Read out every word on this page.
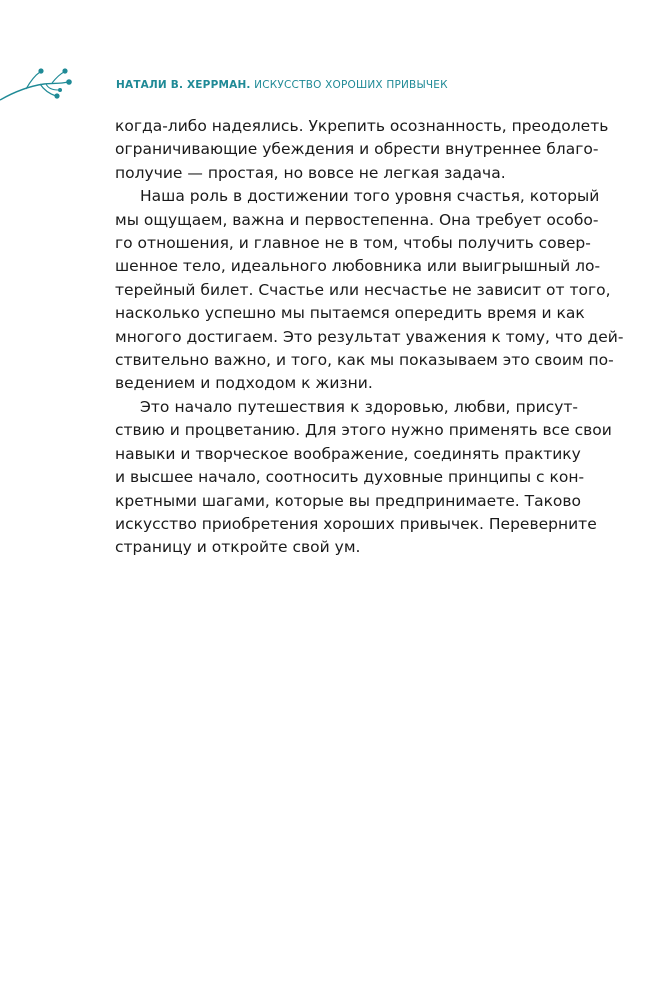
НАТАЛИ В. ХЕРРМАН. ИСКУССТВО ХОРОШИХ ПРИВЫЧЕК

когда-либо надеялись. Укрепить осознанность, преодолеть
ограничивающие убеждения и обрести внутреннее благо-
получие — простая, но вовсе не легкая задача.

Наша роль в достижении того уровня счастья, который
мы ощущаем, важна и первостепенна. Она требует особо-
го отношения, и главное не в том, чтобы получить совер-
шенное тело, идеального любовника или выигрышный ло-
терейный билет. Счастье или несчастье не зависит от того,
насколько успешно мы пытаемся опередить время и как
многого достигаем. Это результат уважения к тому, что дей-
ствительно важно, и того, как мы показываем это своим по-
ведением и подходом к жизни.

Это начало путешествия к здоровью, любви, присут-
ствию и процветанию. Для этого нужно применять все свои
навыки и творческое воображение, соединять практику
и высшее начало, соотносить духовные принципы с кон-
кретными шагами, которые вы предпринимаете. Таково
искусство приобретения хороших привычек. Переверните
страницу и откройте свой ум.
